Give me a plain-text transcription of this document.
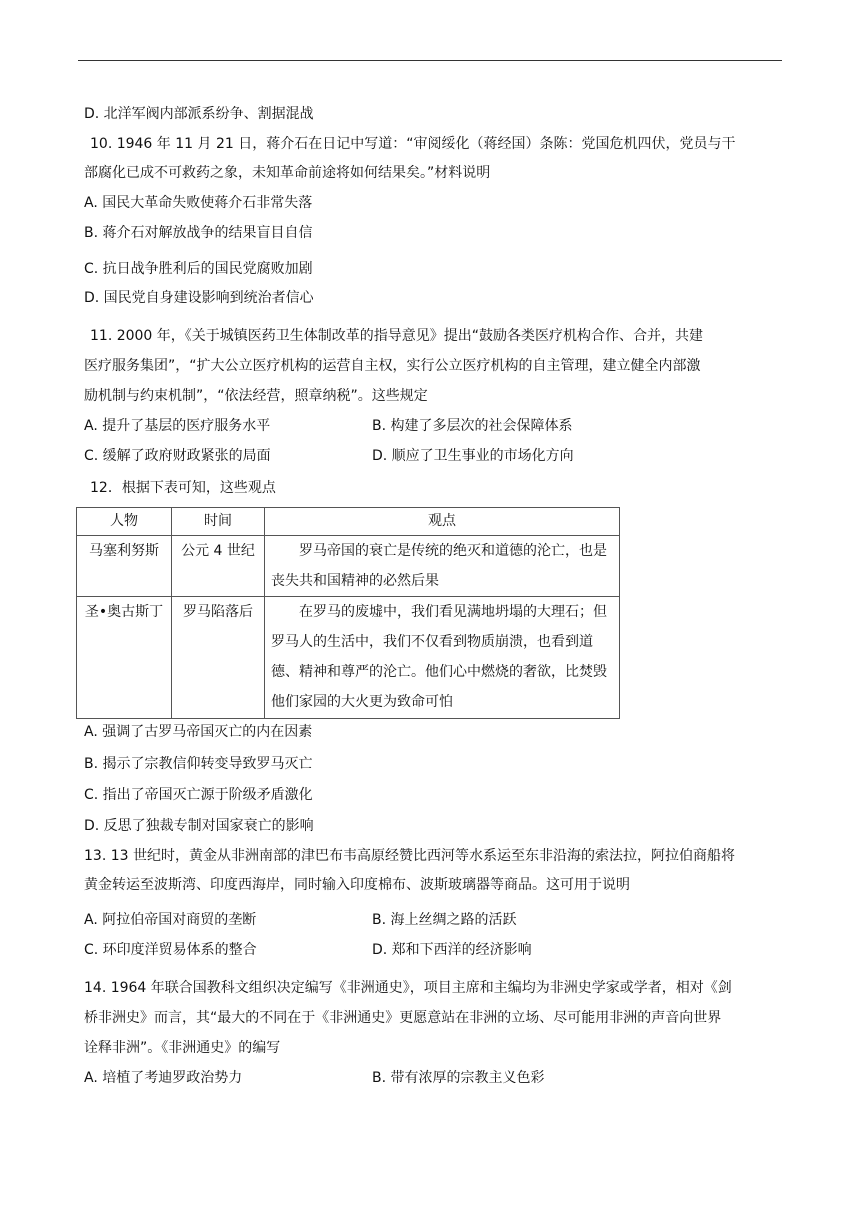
D. 北洋军阀内部派系纷争、割据混战
10. 1946 年 11 月 21 日，蒋介石在日记中写道：“审阅绥化（蒋经国）条陈：党国危机四伏，党员与干
部腐化已成不可救药之象，未知革命前途将如何结果矣。”材料说明
A. 国民大革命失败使蒋介石非常失落
B. 蒋介石对解放战争的结果盲目自信
C. 抗日战争胜利后的国民党腐败加剧
D. 国民党自身建设影响到统治者信心
11. 2000 年，《关于城镇医药卫生体制改革的指导意见》提出“鼓励各类医疗机构合作、合并，共建
医疗服务集团”，“扩大公立医疗机构的运营自主权，实行公立医疗机构的自主管理，建立健全内部激
励机制与约束机制”，“依法经营，照章纳税”。这些规定
A. 提升了基层的医疗服务水平	B. 构建了多层次的社会保障体系
C. 缓解了政府财政紧张的局面	D. 顺应了卫生事业的市场化方向
12．根据下表可知，这些观点
人物	时间	观点
马塞利努斯	公元 4 世纪	罗马帝国的衰亡是传统的绝灭和道德的沦亡，也是丧失共和国精神的必然后果
圣•奥古斯丁	罗马陷落后	在罗马的废墟中，我们看见满地坍塌的大理石；但罗马人的生活中，我们不仅看到物质崩溃，也看到道德、精神和尊严的沦亡。他们心中燃烧的奢欲，比焚毁他们家园的大火更为致命可怕
A. 强调了古罗马帝国灭亡的内在因素
B. 揭示了宗教信仰转变导致罗马灭亡
C. 指出了帝国灭亡源于阶级矛盾激化
D. 反思了独裁专制对国家衰亡的影响
13. 13 世纪时，黄金从非洲南部的津巴布韦高原经赞比西河等水系运至东非沿海的索法拉，阿拉伯商船将
黄金转运至波斯湾、印度西海岸，同时输入印度棉布、波斯玻璃器等商品。这可用于说明
A. 阿拉伯帝国对商贸的垄断	B. 海上丝绸之路的活跃
C. 环印度洋贸易体系的整合	D. 郑和下西洋的经济影响
14. 1964 年联合国教科文组织决定编写《非洲通史》，项目主席和主编均为非洲史学家或学者，相对《剑
桥非洲史》而言，其“最大的不同在于《非洲通史》更愿意站在非洲的立场、尽可能用非洲的声音向世界
诠释非洲”。《非洲通史》的编写
A. 培植了考迪罗政治势力	B. 带有浓厚的宗教主义色彩
